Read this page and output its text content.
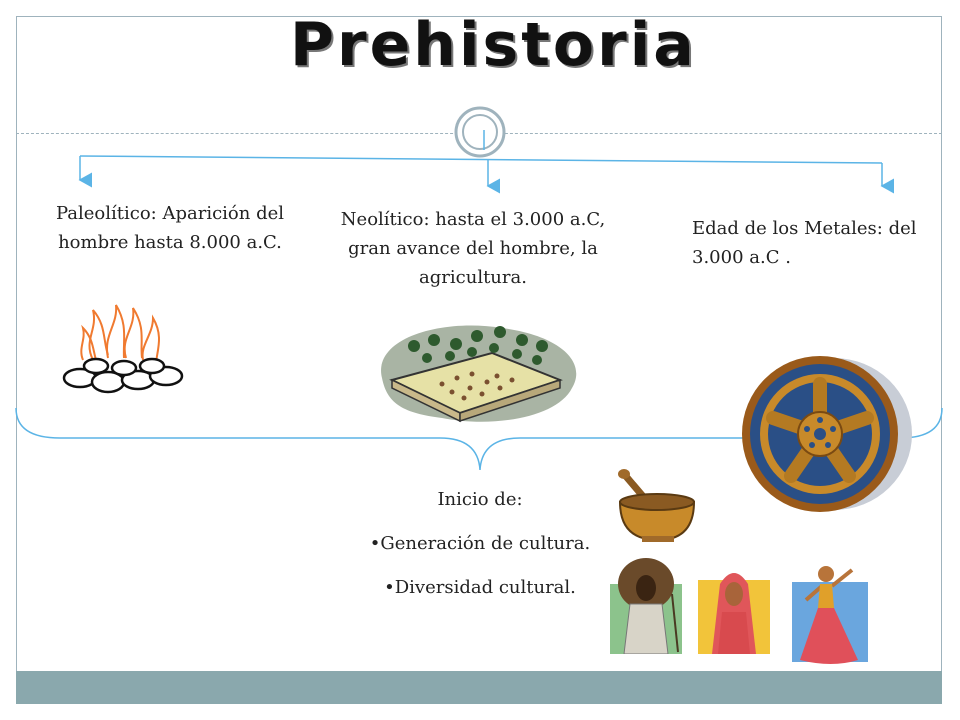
Prehistoria
Paleolítico: Aparición del hombre hasta 8.000 a.C.
Neolítico: hasta el 3.000 a.C, gran avance del hombre, la agricultura.
Edad de los Metales: del 3.000 a.C .
Inicio de:
•Generación de cultura.
•Diversidad cultural.
